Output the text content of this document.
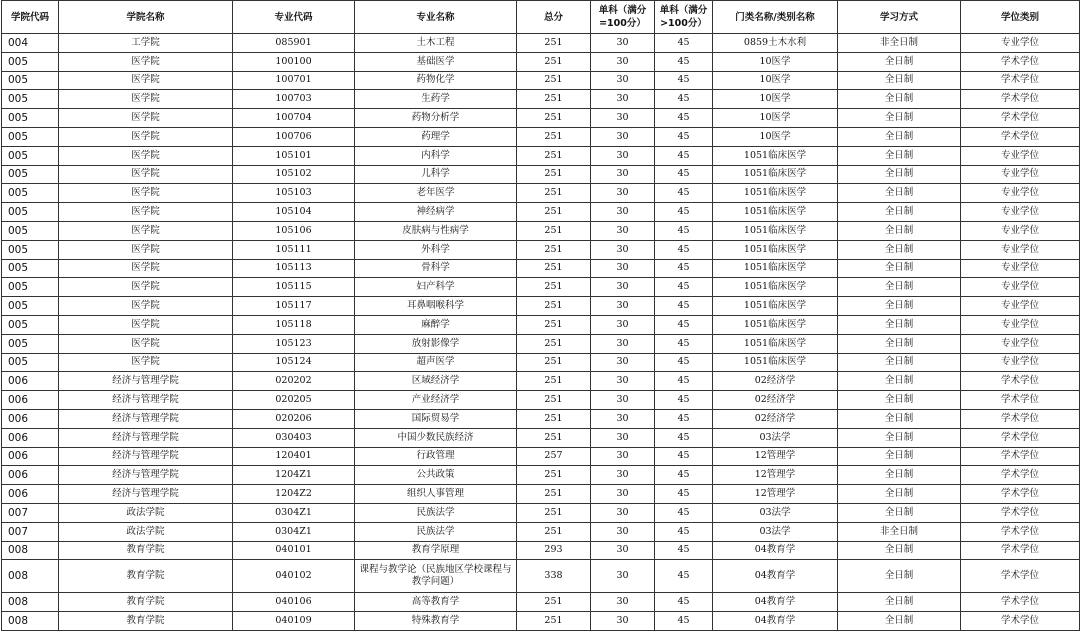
学院代码	学院名称	专业代码	专业名称	总分	单科（满分=100分）	单科（满分>100分）	门类名称/类别名称	学习方式	学位类别
004	工学院	085901	土木工程	251	30	45	0859土木水利	非全日制	专业学位
005	医学院	100100	基础医学	251	30	45	10医学	全日制	学术学位
005	医学院	100701	药物化学	251	30	45	10医学	全日制	学术学位
005	医学院	100703	生药学	251	30	45	10医学	全日制	学术学位
005	医学院	100704	药物分析学	251	30	45	10医学	全日制	学术学位
005	医学院	100706	药理学	251	30	45	10医学	全日制	学术学位
005	医学院	105101	内科学	251	30	45	1051临床医学	全日制	专业学位
005	医学院	105102	儿科学	251	30	45	1051临床医学	全日制	专业学位
005	医学院	105103	老年医学	251	30	45	1051临床医学	全日制	专业学位
005	医学院	105104	神经病学	251	30	45	1051临床医学	全日制	专业学位
005	医学院	105106	皮肤病与性病学	251	30	45	1051临床医学	全日制	专业学位
005	医学院	105111	外科学	251	30	45	1051临床医学	全日制	专业学位
005	医学院	105113	骨科学	251	30	45	1051临床医学	全日制	专业学位
005	医学院	105115	妇产科学	251	30	45	1051临床医学	全日制	专业学位
005	医学院	105117	耳鼻咽喉科学	251	30	45	1051临床医学	全日制	专业学位
005	医学院	105118	麻醉学	251	30	45	1051临床医学	全日制	专业学位
005	医学院	105123	放射影像学	251	30	45	1051临床医学	全日制	专业学位
005	医学院	105124	超声医学	251	30	45	1051临床医学	全日制	专业学位
006	经济与管理学院	020202	区域经济学	251	30	45	02经济学	全日制	学术学位
006	经济与管理学院	020205	产业经济学	251	30	45	02经济学	全日制	学术学位
006	经济与管理学院	020206	国际贸易学	251	30	45	02经济学	全日制	学术学位
006	经济与管理学院	030403	中国少数民族经济	251	30	45	03法学	全日制	学术学位
006	经济与管理学院	120401	行政管理	257	30	45	12管理学	全日制	学术学位
006	经济与管理学院	1204Z1	公共政策	251	30	45	12管理学	全日制	学术学位
006	经济与管理学院	1204Z2	组织人事管理	251	30	45	12管理学	全日制	学术学位
007	政法学院	0304Z1	民族法学	251	30	45	03法学	全日制	学术学位
007	政法学院	0304Z1	民族法学	251	30	45	03法学	非全日制	学术学位
008	教育学院	040101	教育学原理	293	30	45	04教育学	全日制	学术学位
008	教育学院	040102	课程与教学论（民族地区学校课程与教学问题）	338	30	45	04教育学	全日制	学术学位
008	教育学院	040106	高等教育学	251	30	45	04教育学	全日制	学术学位
008	教育学院	040109	特殊教育学	251	30	45	04教育学	全日制	学术学位
